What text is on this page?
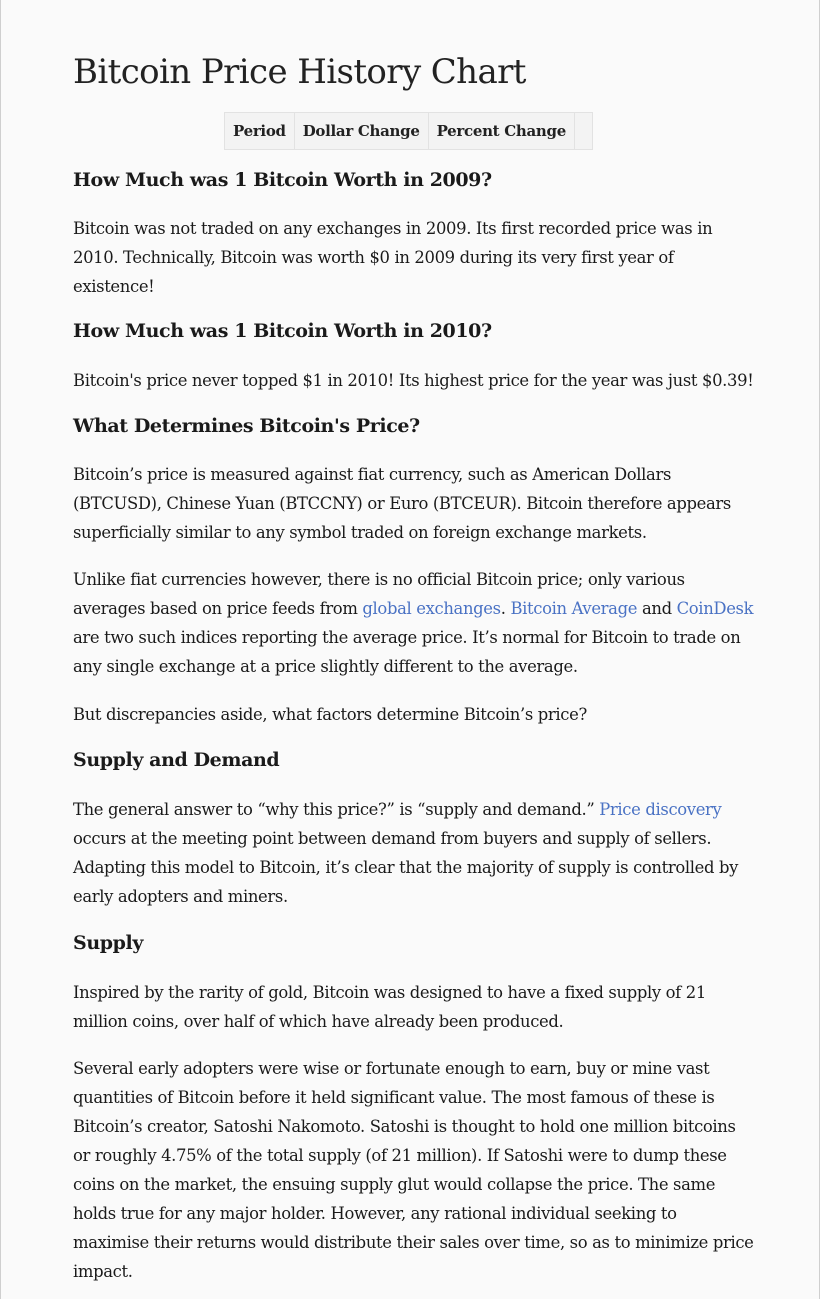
Bitcoin Price History Chart
Period	Dollar Change	Percent Change	
How Much was 1 Bitcoin Worth in 2009?
Bitcoin was not traded on any exchanges in 2009. Its first recorded price was in
2010. Technically, Bitcoin was worth $0 in 2009 during its very first year of
existence!
How Much was 1 Bitcoin Worth in 2010?
Bitcoin's price never topped $1 in 2010! Its highest price for the year was just $0.39!
What Determines Bitcoin's Price?
Bitcoin’s price is measured against fiat currency, such as American Dollars
(BTCUSD), Chinese Yuan (BTCCNY) or Euro (BTCEUR). Bitcoin therefore appears
superficially similar to any symbol traded on foreign exchange markets.
Unlike fiat currencies however, there is no official Bitcoin price; only various
averages based on price feeds from global exchanges. Bitcoin Average and CoinDesk
are two such indices reporting the average price. It’s normal for Bitcoin to trade on
any single exchange at a price slightly different to the average.
But discrepancies aside, what factors determine Bitcoin’s price?
Supply and Demand
The general answer to “why this price?” is “supply and demand.” Price discovery
occurs at the meeting point between demand from buyers and supply of sellers.
Adapting this model to Bitcoin, it’s clear that the majority of supply is controlled by
early adopters and miners.
Supply
Inspired by the rarity of gold, Bitcoin was designed to have a fixed supply of 21
million coins, over half of which have already been produced.
Several early adopters were wise or fortunate enough to earn, buy or mine vast
quantities of Bitcoin before it held significant value. The most famous of these is
Bitcoin’s creator, Satoshi Nakomoto. Satoshi is thought to hold one million bitcoins
or roughly 4.75% of the total supply (of 21 million). If Satoshi were to dump these
coins on the market, the ensuing supply glut would collapse the price. The same
holds true for any major holder. However, any rational individual seeking to
maximise their returns would distribute their sales over time, so as to minimize price
impact.
